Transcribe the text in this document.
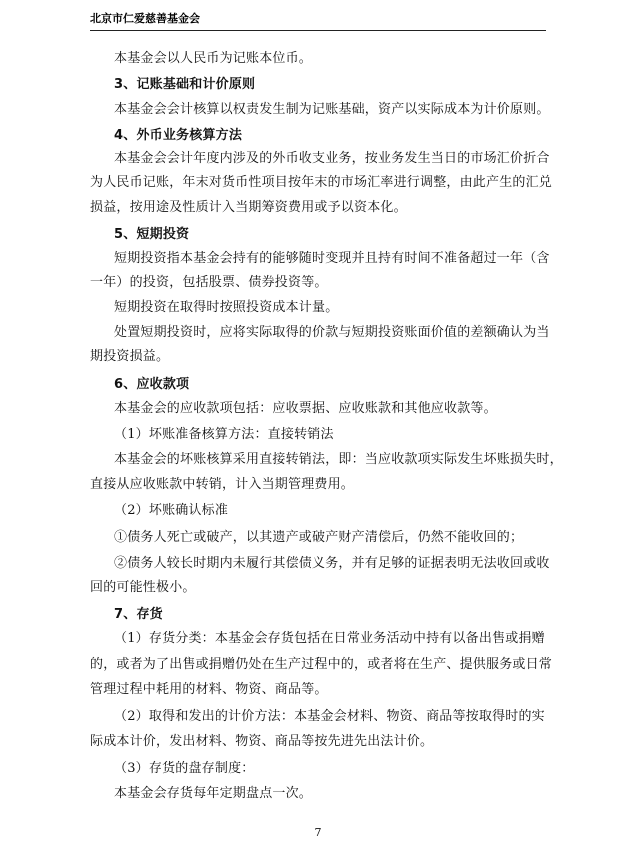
北京市仁爱慈善基金会
本基金会以人民币为记账本位币。
3、记账基础和计价原则
本基金会会计核算以权责发生制为记账基础，资产以实际成本为计价原则。
4、外币业务核算方法
本基金会会计年度内涉及的外币收支业务，按业务发生当日的市场汇价折合
为人民币记账，年末对货币性项目按年末的市场汇率进行调整，由此产生的汇兑
损益，按用途及性质计入当期筹资费用或予以资本化。
5、短期投资
短期投资指本基金会持有的能够随时变现并且持有时间不准备超过一年（含
一年）的投资，包括股票、债券投资等。
短期投资在取得时按照投资成本计量。
处置短期投资时，应将实际取得的价款与短期投资账面价值的差额确认为当
期投资损益。
6、应收款项
本基金会的应收款项包括：应收票据、应收账款和其他应收款等。
（1）坏账准备核算方法：直接转销法
本基金会的坏账核算采用直接转销法，即：当应收款项实际发生坏账损失时，
直接从应收账款中转销，计入当期管理费用。
（2）坏账确认标准
①债务人死亡或破产，以其遗产或破产财产清偿后，仍然不能收回的；
②债务人较长时期内未履行其偿债义务，并有足够的证据表明无法收回或收
回的可能性极小。
7、存货
（1）存货分类：本基金会存货包括在日常业务活动中持有以备出售或捐赠
的，或者为了出售或捐赠仍处在生产过程中的，或者将在生产、提供服务或日常
管理过程中耗用的材料、物资、商品等。
（2）取得和发出的计价方法：本基金会材料、物资、商品等按取得时的实
际成本计价，发出材料、物资、商品等按先进先出法计价。
（3）存货的盘存制度：
本基金会存货每年定期盘点一次。
7
